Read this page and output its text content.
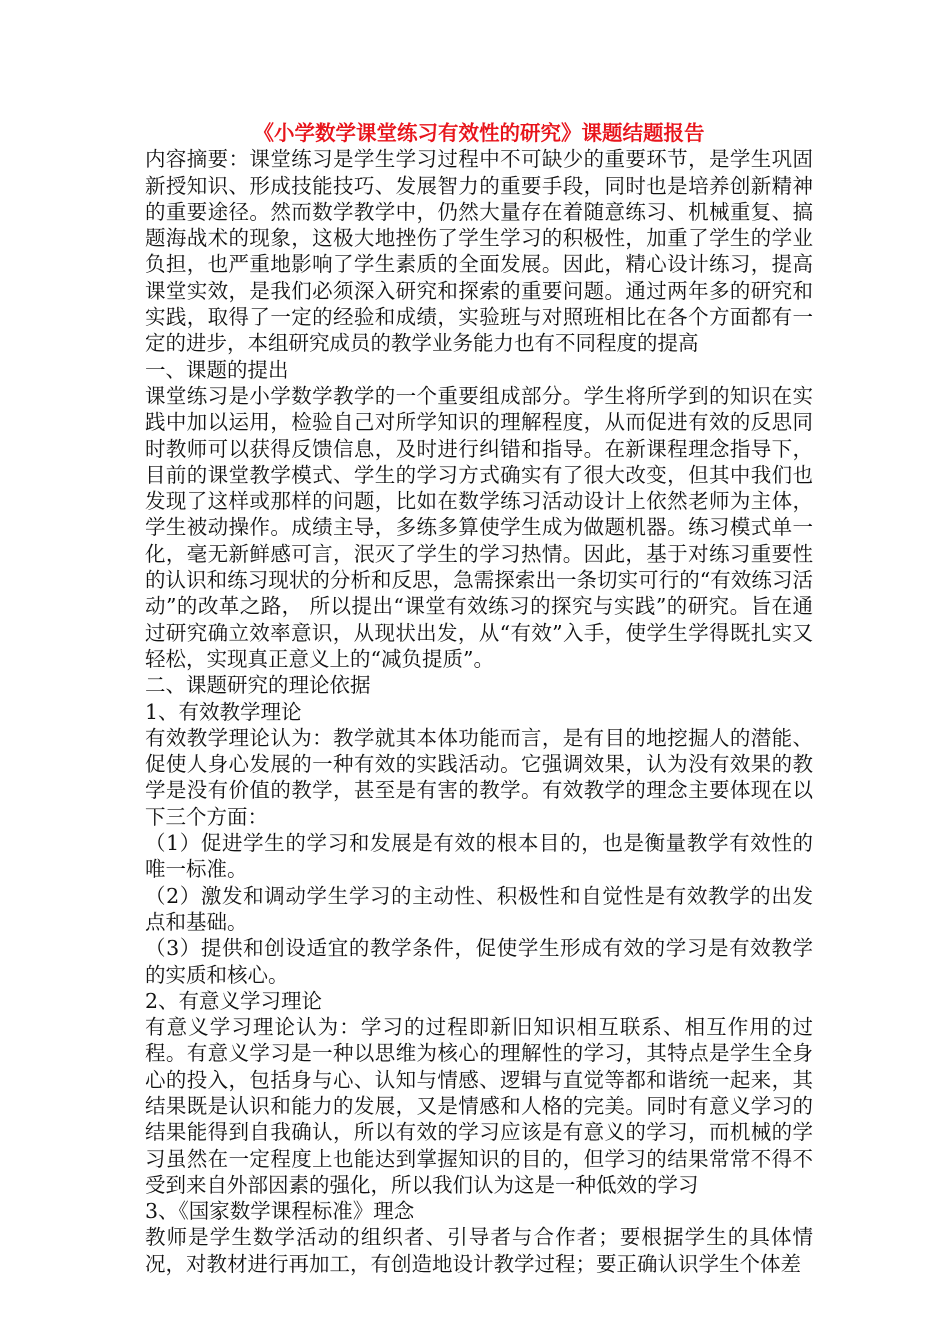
《小学数学课堂练习有效性的研究》课题结题报告

内容摘要：课堂练习是学生学习过程中不可缺少的重要环节，是学生巩固新授知识、形成技能技巧、发展智力的重要手段，同时也是培养创新精神的重要途径。然而数学教学中，仍然大量存在着随意练习、机械重复、搞题海战术的现象，这极大地挫伤了学生学习的积极性，加重了学生的学业负担，也严重地影响了学生素质的全面发展。因此，精心设计练习，提高课堂实效，是我们必须深入研究和探索的重要问题。通过两年多的研究和实践，取得了一定的经验和成绩，实验班与对照班相比在各个方面都有一定的进步，本组研究成员的教学业务能力也有不同程度的提高

一、课题的提出

课堂练习是小学数学教学的一个重要组成部分。学生将所学到的知识在实践中加以运用，检验自己对所学知识的理解程度，从而促进有效的反思同时教师可以获得反馈信息，及时进行纠错和指导。在新课程理念指导下，目前的课堂教学模式、学生的学习方式确实有了很大改变，但其中我们也发现了这样或那样的问题，比如在数学练习活动设计上依然老师为主体，学生被动操作。成绩主导，多练多算使学生成为做题机器。练习模式单一化，毫无新鲜感可言，泯灭了学生的学习热情。因此，基于对练习重要性的认识和练习现状的分析和反思，急需探索出一条切实可行的“有效练习活动”的改革之路， 所以提出“课堂有效练习的探究与实践”的研究。旨在通过研究确立效率意识，从现状出发，从“有效”入手，使学生学得既扎实又轻松，实现真正意义上的“减负提质”。

二、课题研究的理论依据

1、有效教学理论

有效教学理论认为：教学就其本体功能而言，是有目的地挖掘人的潜能、促使人身心发展的一种有效的实践活动。它强调效果，认为没有效果的教学是没有价值的教学，甚至是有害的教学。有效教学的理念主要体现在以下三个方面：

（1）促进学生的学习和发展是有效的根本目的，也是衡量教学有效性的唯一标准。

（2）激发和调动学生学习的主动性、积极性和自觉性是有效教学的出发点和基础。

（3）提供和创设适宜的教学条件，促使学生形成有效的学习是有效教学的实质和核心。

2、有意义学习理论

有意义学习理论认为：学习的过程即新旧知识相互联系、相互作用的过程。有意义学习是一种以思维为核心的理解性的学习，其特点是学生全身心的投入，包括身与心、认知与情感、逻辑与直觉等都和谐统一起来，其结果既是认识和能力的发展，又是情感和人格的完美。同时有意义学习的结果能得到自我确认，所以有效的学习应该是有意义的学习，而机械的学习虽然在一定程度上也能达到掌握知识的目的，但学习的结果常常不得不受到来自外部因素的强化，所以我们认为这是一种低效的学习

3、《国家数学课程标准》理念

教师是学生数学活动的组织者、引导者与合作者；要根据学生的具体情况，对教材进行再加工，有创造地设计教学过程；要正确认识学生个体差
